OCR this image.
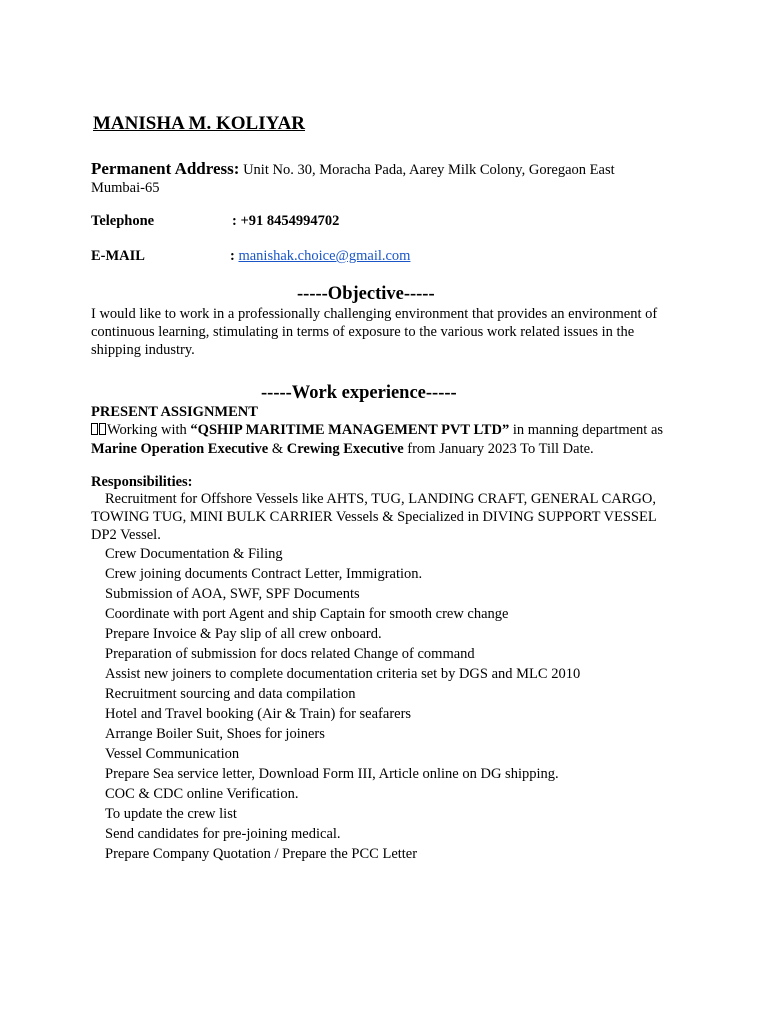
MANISHA M. KOLIYAR
Permanent Address: Unit No. 30, Moracha Pada, Aarey Milk Colony, Goregaon East Mumbai-65
Telephone	: +91 8454994702
E-MAIL	: manishak.choice@gmail.com
-----Objective-----
I would like to work in a professionally challenging environment that provides an environment of continuous learning, stimulating in terms of exposure to the various work related issues in the shipping industry.
-----Work experience-----
PRESENT ASSIGNMENT
Working with “QSHIP MARITIME MANAGEMENT PVT LTD” in manning department as Marine Operation Executive & Crewing Executive from January 2023 To Till Date.
Responsibilities:
Recruitment for Offshore Vessels like AHTS, TUG, LANDING CRAFT, GENERAL CARGO, TOWING TUG, MINI BULK CARRIER Vessels & Specialized in DIVING SUPPORT VESSEL DP2 Vessel.
Crew Documentation & Filing
Crew joining documents Contract Letter, Immigration.
Submission of AOA, SWF, SPF Documents
Coordinate with port Agent and ship Captain for smooth crew change
Prepare Invoice & Pay slip of all crew onboard.
Preparation of submission for docs related Change of command
Assist new joiners to complete documentation criteria set by DGS and MLC 2010
Recruitment sourcing and data compilation
Hotel and Travel booking (Air & Train) for seafarers
Arrange Boiler Suit, Shoes for joiners
Vessel Communication
Prepare Sea service letter, Download Form III, Article online on DG shipping.
COC & CDC online Verification.
To update the crew list
Send candidates for pre-joining medical.
Prepare Company Quotation / Prepare the PCC Letter
